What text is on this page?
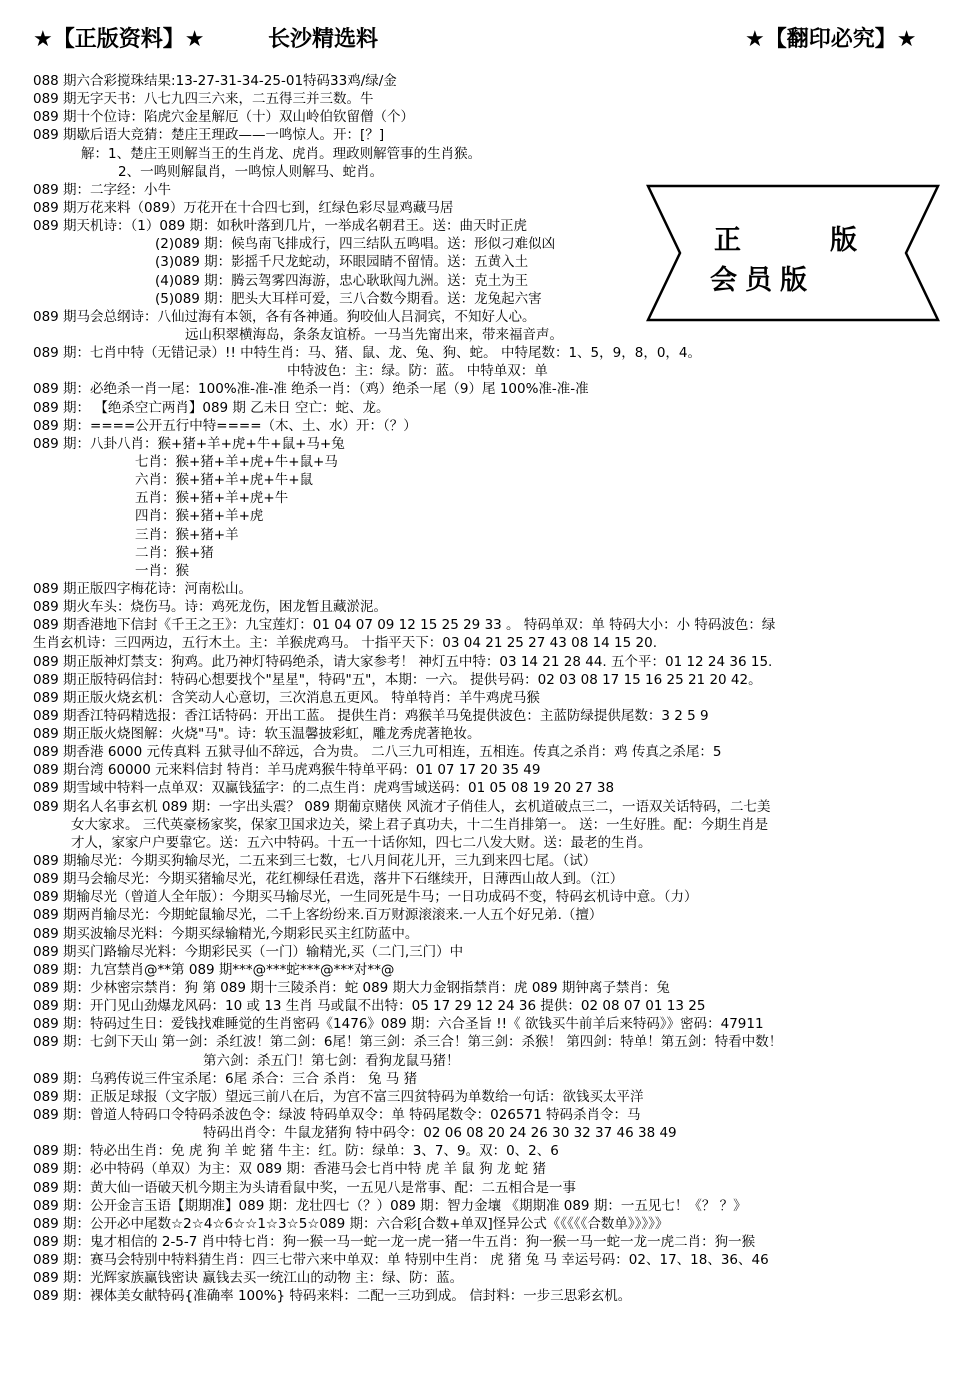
★【正版资料】★	长沙精选料	★【翻印必究】★
正	版
会员版
088 期六合彩搅珠结果:13-27-31-34-25-01特码33鸡/绿/金
089 期无字天书：八七九四三六来，二五得三并三数。牛
089 期十个位诗：陷虎穴金星解厄（十）双山岭伯钦留僧（个）
089 期歇后语大竞猜：楚庄王理政——一鸣惊人。开：[？]
解：1、楚庄王则解当王的生肖龙、虎肖。理政则解管事的生肖猴。
2、一鸣则解鼠肖，一鸣惊人则解马、蛇肖。
089 期：二字经：小牛
089 期万花来料（089）万花开在十合四七到，红绿色彩尽显鸡藏马居
089 期天机诗：（1）089 期：如秋叶落到几片，一举成名朝君王。送：曲天时正虎
(2)089 期：候鸟南飞排成行，四三结队五鸣唱。送：形似刁难似凶
(3)089 期：影摇千尺龙蛇动，环眼园睛不留情。送：五黄入土
(4)089 期：腾云驾雾四海游，忠心耿耿闯九洲。送：克土为王
(5)089 期：肥头大耳样可爱，三八合数今期看。送：龙兔起六害
089 期马会总纲诗：八仙过海有本领，各有各神通。狗咬仙人吕洞宾，不知好人心。
远山积翠横海岛，条条友谊桥。一马当先甯出来，带来福音声。
089 期：七肖中特（无错记录）!! 中特生肖：马、猪、鼠、龙、兔、狗、蛇。 中特尾数：1、5，9，8，0，4。
中特波色：主：绿。防：蓝。 中特单双：单
089 期：必绝杀一肖一尾：100%准-准-准 绝杀一肖：（鸡）绝杀一尾（9）尾 100%准-准-准
089 期： 【绝杀空亡两肖】089 期 乙未日 空亡：蛇、龙。
089 期：====公开五行中特====（木、土、水）开：（？）
089 期：八卦八肖：猴+猪+羊+虎+牛+鼠+马+兔
七肖：猴+猪+羊+虎+牛+鼠+马
六肖：猴+猪+羊+虎+牛+鼠
五肖：猴+猪+羊+虎+牛
四肖：猴+猪+羊+虎
三肖：猴+猪+羊
二肖：猴+猪
一肖：猴
089 期正版四字梅花诗：河南松山。
089 期火车头：烧伤马。诗：鸡死龙伤，困龙暂且藏淤泥。
089 期香港地下信封《千王之王》：九宝莲灯：01 04 07 09 12 15 25 29 33 。 特码单双：单 特码大小：小 特码波色：绿
生肖玄机诗：三四两边，五行木土。主：羊猴虎鸡马。 十指平天下：03 04 21 25 27 43 08 14 15 20.
089 期正版神灯禁支：狗鸡。此乃神灯特码绝杀，请大家参考！ 神灯五中特：03 14 21 28 44. 五个平：01 12 24 36 15.
089 期正版特码信封：特码心想要找个"星星"，特码"五"，本期：一六。 提供号码：02 03 08 17 15 16 25 21 20 42。
089 期正版火烧玄机：含笑动人心意切，三次消息五更风。 特单特肖：羊牛鸡虎马猴
089 期香江特码精选报：香江话特码：开出工蓝。 提供生肖：鸡猴羊马兔提供波色：主蓝防绿提供尾数：3 2 5 9
089 期正版火烧图解：火烧"马"。诗：软玉温馨披彩虹，雕龙秀虎著艳妆。
089 期香港 6000 元传真料 五狱寻仙不辞远，合为贵。 二八三九可相连，五相连。传真之杀肖：鸡 传真之杀尾：5
089 期台湾 60000 元来料信封 特肖：羊马虎鸡猴牛特单平码：01 07 17 20 35 49
089 期雪域中特料一点单双：双赢钱猛字：的二点生肖：虎鸡雪域送码：01 05 08 19 20 27 38
089 期名人名事玄机 089 期：一字出头震？ 089 期葡京赌侠 风流才子俏佳人，玄机道破点三二，一语双关话特码，二七美
女大家求。 三代英豪杨家奖，保家卫国求边关，梁上君子真功夫，十二生肖排第一。 送：一生好胜。配：今期生肖是
才人，家家户户要靠它。送：五六中特码。十五一十话你知，四七二八发大财。送：最老的生肖。
089 期输尽光：今期买狗输尽光，二五来到三七数，七八月间花儿开，三九到来四七尾。（试）
089 期马会输尽光：今期买猪输尽光，花红柳绿任君选，落井下石继续开，日薄西山故人到。（江）
089 期输尽光（曾道人全年版）：今期买马输尽光，一生同死是牛马；一日功成码不变，特码玄机诗中意。（力）
089 期两肖输尽光：今期蛇鼠输尽光，二千上客纷纷来.百万财源滚滚来.一人五个好兄弟.（擅）
089 期买波输尽光料：今期买绿输精光,今期彩民买主红防蓝中。
089 期买门路输尽光料：今期彩民买（一门）输精光,买（二门,三门）中
089 期：九宫禁肖@**第 089 期***@***蛇***@***对**@
089 期：少林密宗禁肖：狗 第 089 期十三陵杀肖：蛇 089 期大力金钢指禁肖：虎 089 期钟离子禁肖：兔
089 期：开门见山劲爆龙风码：10 或 13 生肖 马或鼠不出特：05 17 29 12 24 36 提供：02 08 07 01 13 25
089 期：特码过生日：爱钱找难睡觉的生肖密码《1476》089 期：六合圣旨 !!《 欲钱买牛前羊后来特码》》密码：47911
089 期：七剑下天山 第一剑：杀红波！第二剑：6尾！第三剑：杀三合！第三剑：杀猴！ 第四剑：特单！第五剑：特看中数！
第六剑：杀五门！第七剑：看狗龙鼠马猪！
089 期：乌鸦传说三件宝杀尾：6尾 杀合：三合 杀肖： 兔 马 猪
089 期：正版足球报（文字版）望远三前八在后，为宫不富三四贫特码为单数给一句话：欲钱买太平洋
089 期：曾道人特码口令特码杀波色令：绿波 特码单双令：单 特码尾数令：026571 特码杀肖令：马
特码出肖令：牛鼠龙猪狗 特中码令：02 06 08 20 24 26 30 32 37 46 38 49
089 期：特必出生肖：免 虎 狗 羊 蛇 猪 牛主：红。防：绿单：3、7、9。双：0、2、6
089 期：必中特码（单双）为主：双 089 期：香港马会七肖中特 虎 羊 鼠 狗 龙 蛇 猪
089 期：黄大仙一语破天机今期主为头请看鼠中奖，一五见八是常事、配：二五相合是一事
089 期：公开金言玉语【期期准】089 期：龙壮四七（？）089 期：智力金壤 《期期准 089 期：一五见七！《？ ？》
089 期：公开必中尾数☆2☆4☆6☆☆1☆3☆5☆089 期：六合彩[合数+单双]怪异公式《《《《《合数单》》》》》
089 期：鬼才相信的 2-5-7 肖中特七肖：狗一猴一马一蛇一龙一虎一猪一牛五肖：狗一猴一马一蛇一龙一虎二肖：狗一猴
089 期：赛马会特别中特料猜生肖：四三七带六来中单双：单 特别中生肖： 虎 猪 兔 马 幸运号码：02、17、18、36、46
089 期：光辉家族赢钱密诀 赢钱去买一统江山的动物 主：绿、防：蓝。
089 期：裸体美女献特码{准确率 100%} 特码来料：二配一三功到成。 信封料：一步三思彩玄机。
